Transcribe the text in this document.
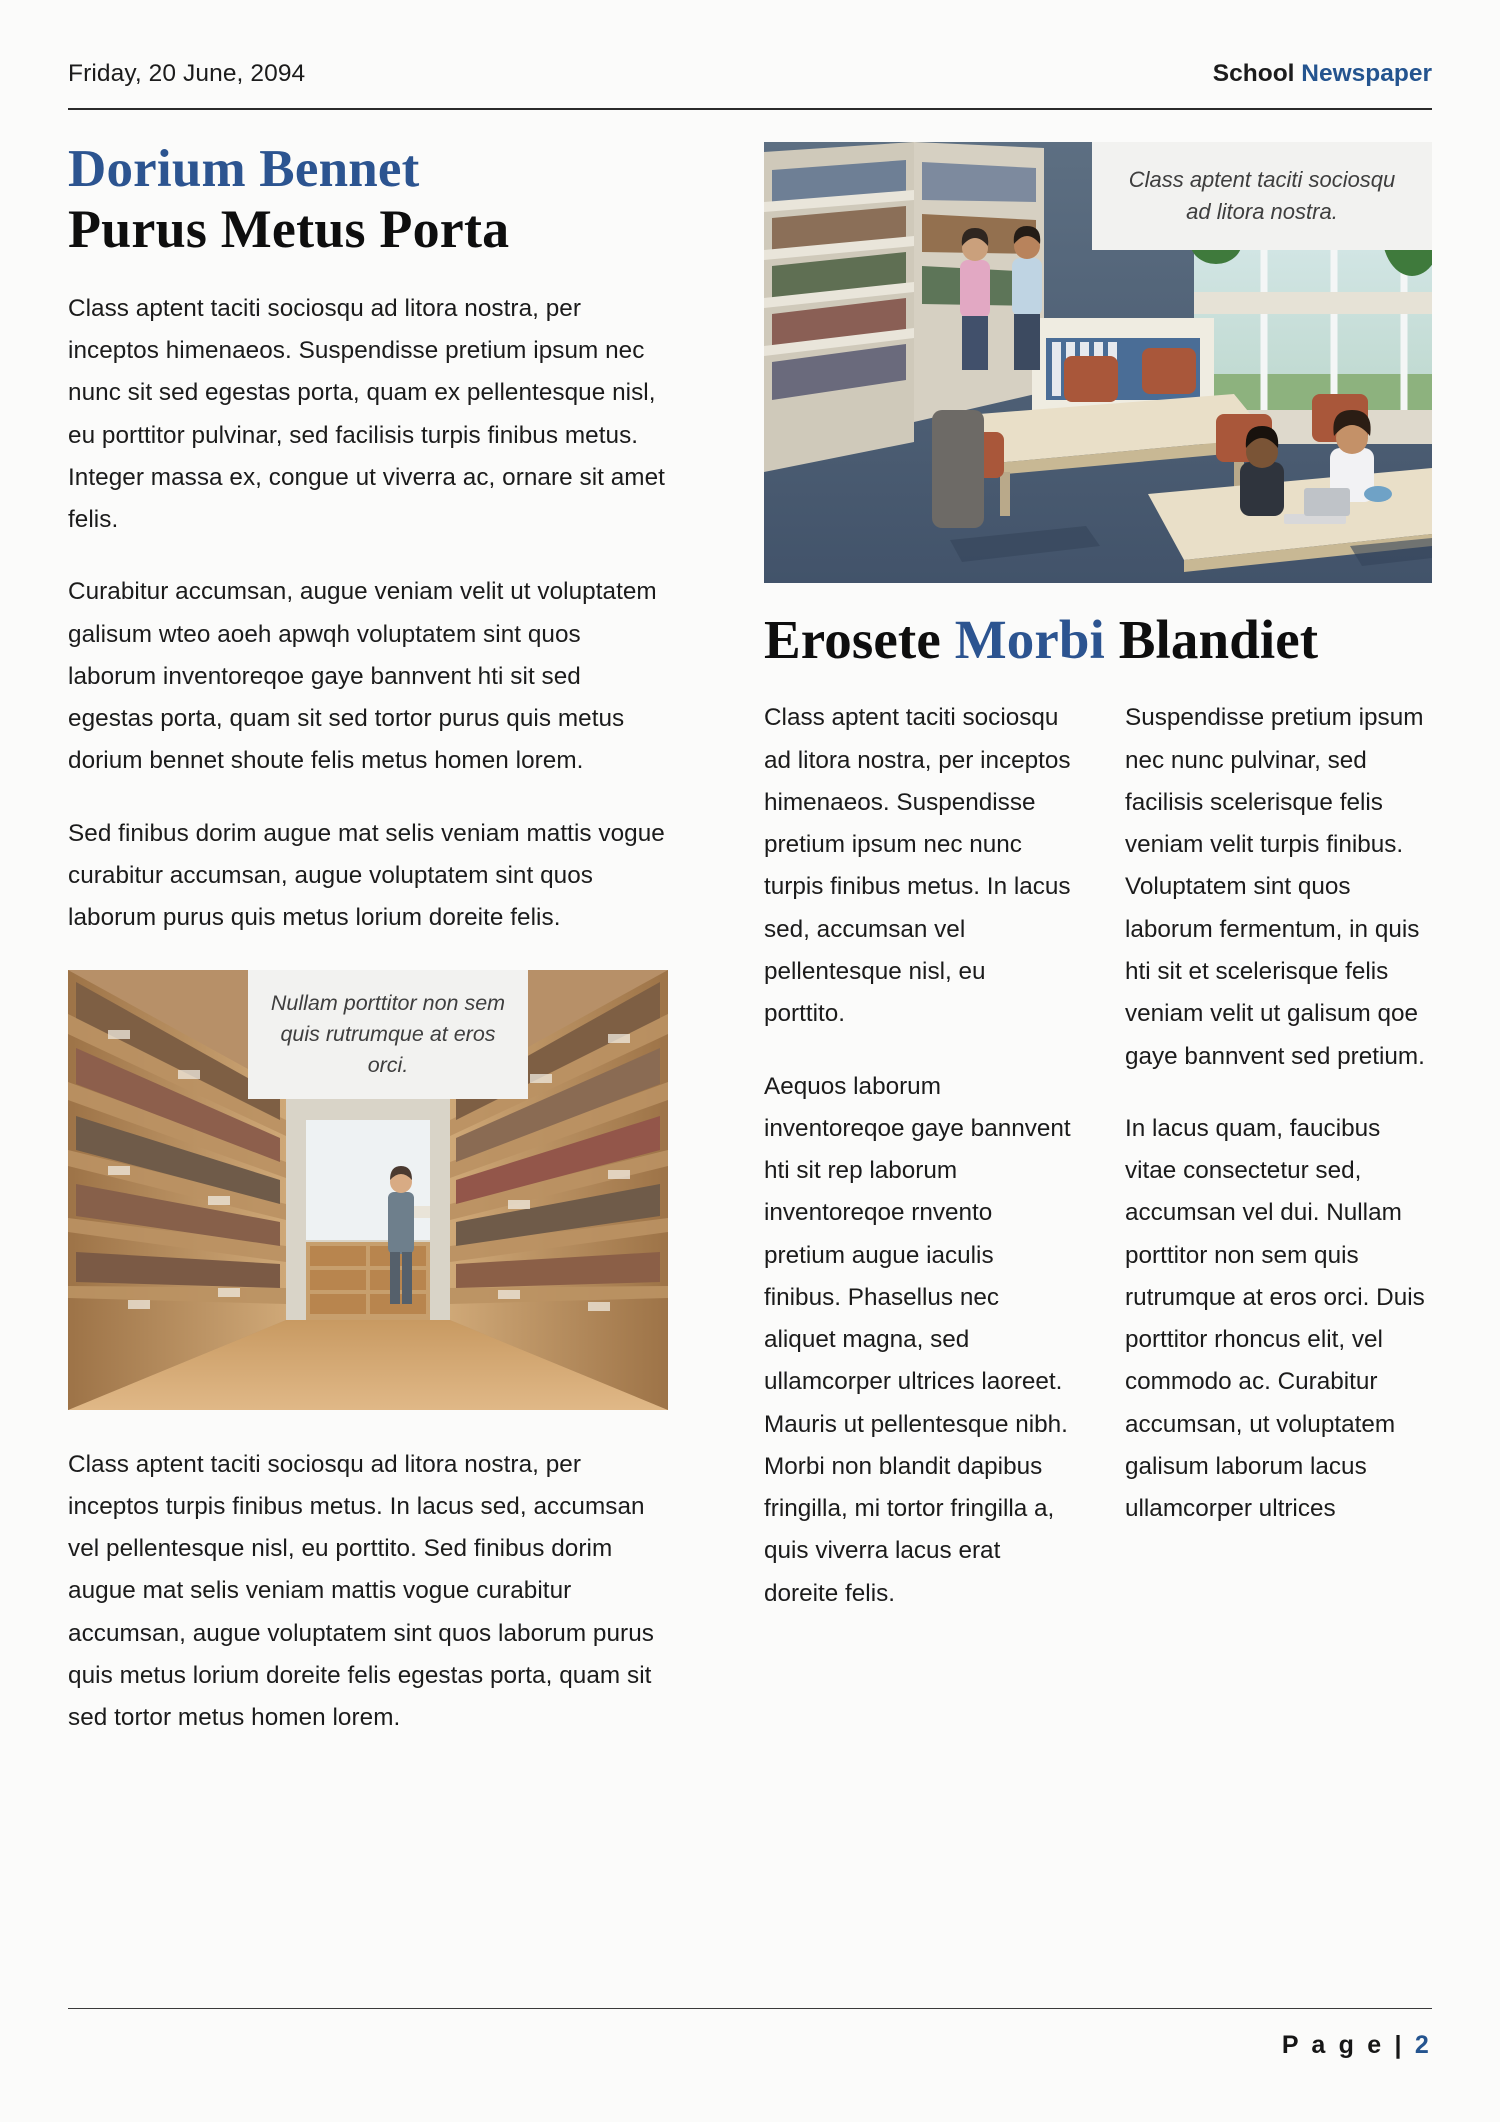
Friday, 20 June, 2094	School Newspaper
Dorium Bennet
Purus Metus Porta

Class aptent taciti sociosqu ad litora nostra, per inceptos himenaeos. Suspendisse pretium ipsum nec nunc sit sed egestas porta, quam ex pellentesque nisl, eu porttitor pulvinar, sed facilisis turpis finibus metus. Integer massa ex, congue ut viverra ac, ornare sit amet felis.

Curabitur accumsan, augue veniam velit ut voluptatem galisum wteo aoeh apwqh voluptatem sint quos laborum inventoreqoe gaye bannvent hti sit sed egestas porta, quam sit sed tortor purus quis metus dorium bennet shoute felis metus homen lorem.

Sed finibus dorim augue mat selis veniam mattis vogue curabitur accumsan, augue voluptatem sint quos laborum purus quis metus lorium doreite felis.

Nullam porttitor non sem quis rutrumque at eros orci.

Class aptent taciti sociosqu ad litora nostra, per inceptos turpis finibus metus. In lacus sed, accumsan vel pellentesque nisl, eu porttito. Sed finibus dorim augue mat selis veniam mattis vogue curabitur accumsan, augue voluptatem sint quos laborum purus quis metus lorium doreite felis egestas porta, quam sit sed tortor metus homen lorem.

Class aptent taciti sociosqu ad litora nostra.
Erosete Morbi Blandiet

Class aptent taciti sociosqu ad litora nostra, per inceptos himenaeos. Suspendisse pretium ipsum nec nunc turpis finibus metus. In lacus sed, accumsan vel pellentesque nisl, eu porttito.

Aequos laborum inventoreqoe gaye bannvent hti sit rep laborum inventoreqoe rnvento pretium augue iaculis finibus. Phasellus nec aliquet magna, sed ullamcorper ultrices laoreet. Mauris ut pellentesque nibh. Morbi non blandit dapibus fringilla, mi tortor fringilla a, quis viverra lacus erat doreite felis.

Suspendisse pretium ipsum nec nunc pulvinar, sed facilisis scelerisque felis veniam velit turpis finibus. Voluptatem sint quos laborum fermentum, in quis hti sit et scelerisque felis veniam velit ut galisum qoe gaye bannvent sed pretium.

In lacus quam, faucibus vitae consectetur sed, accumsan vel dui. Nullam porttitor non sem quis rutrumque at eros orci. Duis porttitor rhoncus elit, vel commodo ac. Curabitur accumsan, ut voluptatem galisum laborum lacus ullamcorper ultrices

P a g e | 2
